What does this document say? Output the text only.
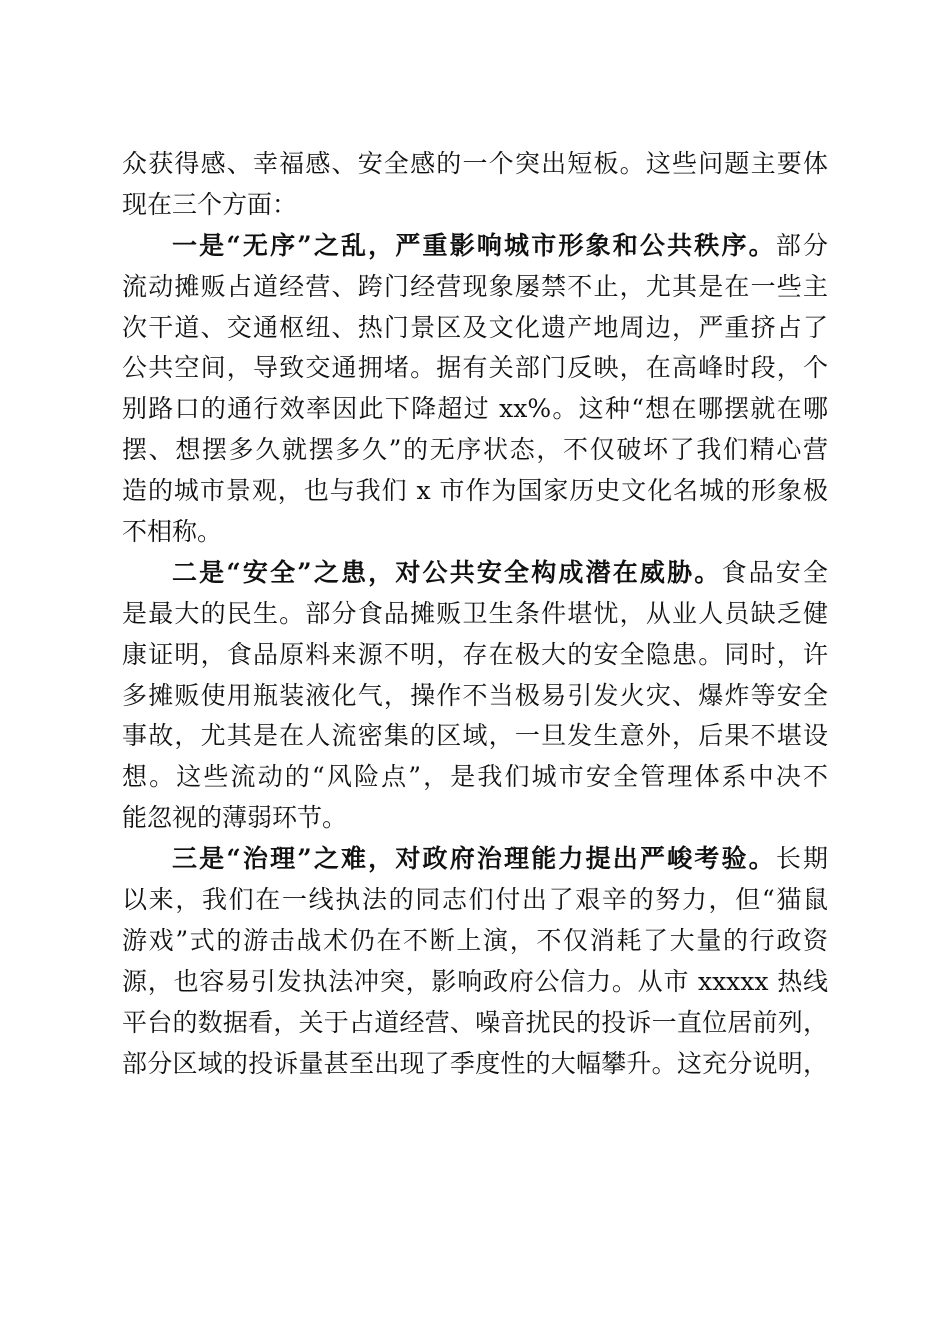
众获得感、幸福感、安全感的一个突出短板。这些问题主要体
现在三个方面：
一是“无序”之乱，严重影响城市形象和公共秩序。部分
流动摊贩占道经营、跨门经营现象屡禁不止，尤其是在一些主
次干道、交通枢纽、热门景区及文化遗产地周边，严重挤占了
公共空间，导致交通拥堵。据有关部门反映，在高峰时段，个
别路口的通行效率因此下降超过 xx%。这种“想在哪摆就在哪
摆、想摆多久就摆多久”的无序状态，不仅破坏了我们精心营
造的城市景观，也与我们 x 市作为国家历史文化名城的形象极
不相称。
二是“安全”之患，对公共安全构成潜在威胁。食品安全
是最大的民生。部分食品摊贩卫生条件堪忧，从业人员缺乏健
康证明，食品原料来源不明，存在极大的安全隐患。同时，许
多摊贩使用瓶装液化气，操作不当极易引发火灾、爆炸等安全
事故，尤其是在人流密集的区域，一旦发生意外，后果不堪设
想。这些流动的“风险点”，是我们城市安全管理体系中决不
能忽视的薄弱环节。
三是“治理”之难，对政府治理能力提出严峻考验。长期
以来，我们在一线执法的同志们付出了艰辛的努力，但“猫鼠
游戏”式的游击战术仍在不断上演，不仅消耗了大量的行政资
源，也容易引发执法冲突，影响政府公信力。从市 xxxxx 热线
平台的数据看，关于占道经营、噪音扰民的投诉一直位居前列，
部分区域的投诉量甚至出现了季度性的大幅攀升。这充分说明，
